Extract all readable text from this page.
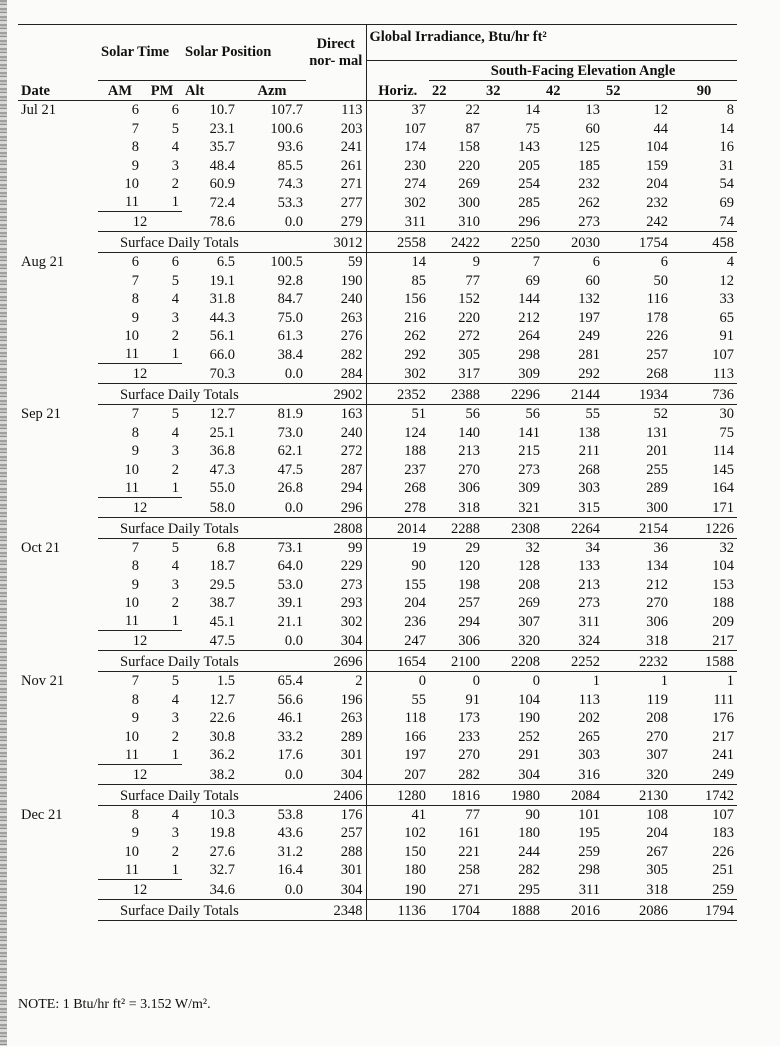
	Solar Time		Solar Position		Direct nor- mal	Global Irradiance, Btu/hr ft²					
							South-Facing Elevation Angle				
Date	AM	PM	Alt	Azm		Horiz.	22	32	42	52	90
Jul 21	6	6	10.7	107.7	113	37	22	14	13	12	8
	7	5	23.1	100.6	203	107	87	75	60	44	14
	8	4	35.7	93.6	241	174	158	143	125	104	16
	9	3	48.4	85.5	261	230	220	205	185	159	31
	10	2	60.9	74.3	271	274	269	254	232	204	54
	11	1	72.4	53.3	277	302	300	285	262	232	69
	12		78.6	0.0	279	311	310	296	273	242	74
	Surface Daily Totals				3012	2558	2422	2250	2030	1754	458
Aug 21	6	6	6.5	100.5	59	14	9	7	6	6	4
	7	5	19.1	92.8	190	85	77	69	60	50	12
	8	4	31.8	84.7	240	156	152	144	132	116	33
	9	3	44.3	75.0	263	216	220	212	197	178	65
	10	2	56.1	61.3	276	262	272	264	249	226	91
	11	1	66.0	38.4	282	292	305	298	281	257	107
	12		70.3	0.0	284	302	317	309	292	268	113
	Surface Daily Totals				2902	2352	2388	2296	2144	1934	736
Sep 21	7	5	12.7	81.9	163	51	56	56	55	52	30
	8	4	25.1	73.0	240	124	140	141	138	131	75
	9	3	36.8	62.1	272	188	213	215	211	201	114
	10	2	47.3	47.5	287	237	270	273	268	255	145
	11	1	55.0	26.8	294	268	306	309	303	289	164
	12		58.0	0.0	296	278	318	321	315	300	171
	Surface Daily Totals				2808	2014	2288	2308	2264	2154	1226
Oct 21	7	5	6.8	73.1	99	19	29	32	34	36	32
	8	4	18.7	64.0	229	90	120	128	133	134	104
	9	3	29.5	53.0	273	155	198	208	213	212	153
	10	2	38.7	39.1	293	204	257	269	273	270	188
	11	1	45.1	21.1	302	236	294	307	311	306	209
	12		47.5	0.0	304	247	306	320	324	318	217
	Surface Daily Totals				2696	1654	2100	2208	2252	2232	1588
Nov 21	7	5	1.5	65.4	2	0	0	0	1	1	1
	8	4	12.7	56.6	196	55	91	104	113	119	111
	9	3	22.6	46.1	263	118	173	190	202	208	176
	10	2	30.8	33.2	289	166	233	252	265	270	217
	11	1	36.2	17.6	301	197	270	291	303	307	241
	12		38.2	0.0	304	207	282	304	316	320	249
	Surface Daily Totals				2406	1280	1816	1980	2084	2130	1742
Dec 21	8	4	10.3	53.8	176	41	77	90	101	108	107
	9	3	19.8	43.6	257	102	161	180	195	204	183
	10	2	27.6	31.2	288	150	221	244	259	267	226
	11	1	32.7	16.4	301	180	258	282	298	305	251
	12		34.6	0.0	304	190	271	295	311	318	259
	Surface Daily Totals				2348	1136	1704	1888	2016	2086	1794
NOTE: 1 Btu/hr ft² = 3.152 W/m².
